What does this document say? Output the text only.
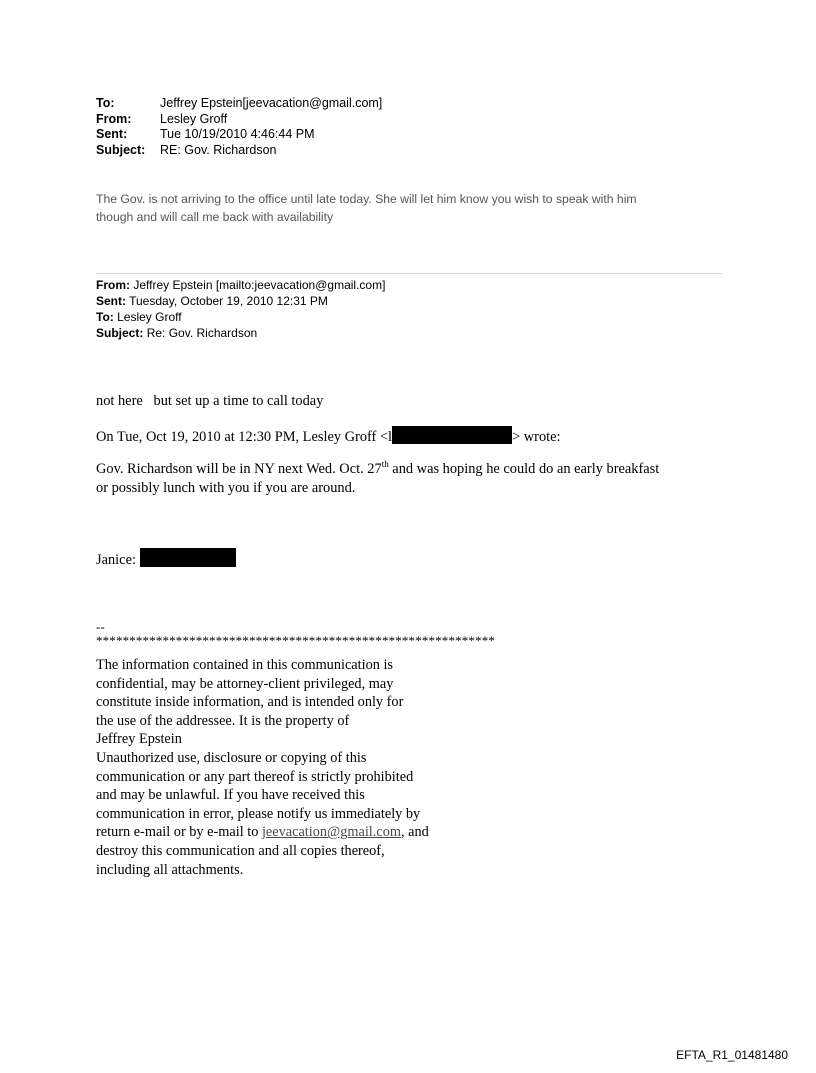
To:	Jeffrey Epstein[jeevacation@gmail.com]
From:	Lesley Groff
Sent:	Tue 10/19/2010 4:46:44 PM
Subject:	RE: Gov. Richardson
The Gov. is not arriving to the office until late today. She will let him know you wish to speak with him
though and will call me back with availability
From: Jeffrey Epstein [mailto:jeevacation@gmail.com]
Sent: Tuesday, October 19, 2010 12:31 PM
To: Lesley Groff
Subject: Re: Gov. Richardson
not here   but set up a time to call today
On Tue, Oct 19, 2010 at 12:30 PM, Lesley Groff <l	> wrote:
Gov. Richardson will be in NY next Wed. Oct. 27th and was hoping he could do an early breakfast
or possibly lunch with you if you are around.
Janice:
--
************************************************************
The information contained in this communication is
confidential, may be attorney-client privileged, may
constitute inside information, and is intended only for
the use of the addressee. It is the property of
Jeffrey Epstein
Unauthorized use, disclosure or copying of this
communication or any part thereof is strictly prohibited
and may be unlawful. If you have received this
communication in error, please notify us immediately by
return e-mail or by e-mail to jeevacation@gmail.com, and
destroy this communication and all copies thereof,
including all attachments.
EFTA_R1_01481480
